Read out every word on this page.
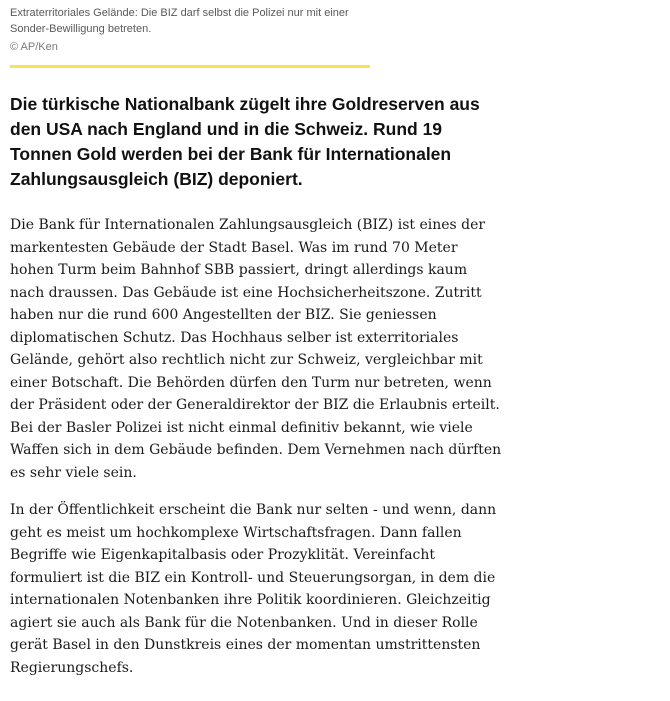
Extraterritoriales Gelände: Die BIZ darf selbst die Polizei nur mit einer
Sonder-Bewilligung betreten.
© AP/Ken

Die türkische Nationalbank zügelt ihre Goldreserven aus den USA nach England und in die Schweiz. Rund 19 Tonnen Gold werden bei der Bank für Internationalen Zahlungsausgleich (BIZ) deponiert.

Die Bank für Internationalen Zahlungsausgleich (BIZ) ist eines der markentesten Gebäude der Stadt Basel. Was im rund 70 Meter hohen Turm beim Bahnhof SBB passiert, dringt allerdings kaum nach draussen. Das Gebäude ist eine Hochsicherheitszone. Zutritt haben nur die rund 600 Angestellten der BIZ. Sie geniessen diplomatischen Schutz. Das Hochhaus selber ist exterritoriales Gelände, gehört also rechtlich nicht zur Schweiz, vergleichbar mit einer Botschaft. Die Behörden dürfen den Turm nur betreten, wenn der Präsident oder der Generaldirektor der BIZ die Erlaubnis erteilt. Bei der Basler Polizei ist nicht einmal definitiv bekannt, wie viele Waffen sich in dem Gebäude befinden. Dem Vernehmen nach dürften es sehr viele sein.

In der Öffentlichkeit erscheint die Bank nur selten - und wenn, dann geht es meist um hochkomplexe Wirtschaftsfragen. Dann fallen Begriffe wie Eigenkapitalbasis oder Prozyklität. Vereinfacht formuliert ist die BIZ ein Kontroll- und Steuerungsorgan, in dem die internationalen Notenbanken ihre Politik koordinieren. Gleichzeitig agiert sie auch als Bank für die Notenbanken. Und in dieser Rolle gerät Basel in den Dunstkreis eines der momentan umstrittensten Regierungschefs.
